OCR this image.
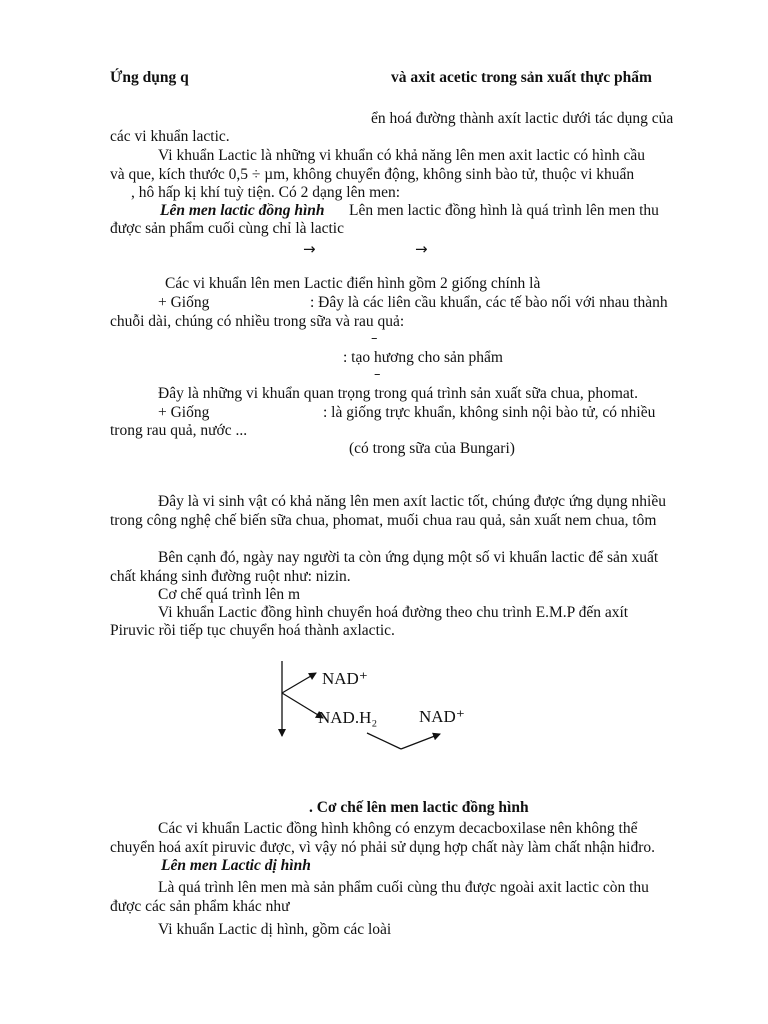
Ứng dụng q	và axit acetic trong sản xuất thực phẩm
ển hoá đường thành axít lactic dưới tác dụng của
các vi khuẩn lactic.
Vi khuẩn Lactic là những vi khuẩn có khả năng lên men axit lactic có hình cầu
và que, kích thước 0,5 ÷ µm, không chuyển động, không sinh bào tử, thuộc vi khuẩn
, hô hấp kị khí tuỳ tiện. Có 2 dạng lên men:
Lên men lactic đồng hình Lên men lactic đồng hình là quá trình lên men thu
được sản phẩm cuối cùng chỉ là lactic
→	→
Các vi khuẩn lên men Lactic điển hình gồm 2 giống chính là
+ Giống	: Đây là các liên cầu khuẩn, các tế bào nối với nhau thành
chuỗi dài, chúng có nhiều trong sữa và rau quả:
–
: tạo hương cho sản phẩm
–
Đây là những vi khuẩn quan trọng trong quá trình sản xuất sữa chua, phomat.
+ Giống	: là giống trực khuẩn, không sinh nội bào tử, có nhiều
trong rau quả, nước ...
(có trong sữa của Bungari)
Đây là vi sinh vật có khả năng lên men axít lactic tốt, chúng được ứng dụng nhiều
trong công nghệ chế biến sữa chua, phomat, muối chua rau quả, sản xuất nem chua, tôm
Bên cạnh đó, ngày nay người ta còn ứng dụng một số vi khuẩn lactic để sản xuất
chất kháng sinh đường ruột như: nizin.
Cơ chế quá trình lên m
Vi khuẩn Lactic đồng hình chuyển hoá đường theo chu trình E.M.P đến axít
Piruvic rồi tiếp tục chuyển hoá thành axlactic.
NAD⁺
NAD.H₂ NAD⁺
. Cơ chế lên men lactic đồng hình
Các vi khuẩn Lactic đồng hình không có enzym decacboxilase nên không thể
chuyển hoá axít piruvic được, vì vậy nó phải sử dụng hợp chất này làm chất nhận hiđro.
Lên men Lactic dị hình
Là quá trình lên men mà sản phẩm cuối cùng thu được ngoài axit lactic còn thu
được các sản phẩm khác như
Vi khuẩn Lactic dị hình, gồm các loài
